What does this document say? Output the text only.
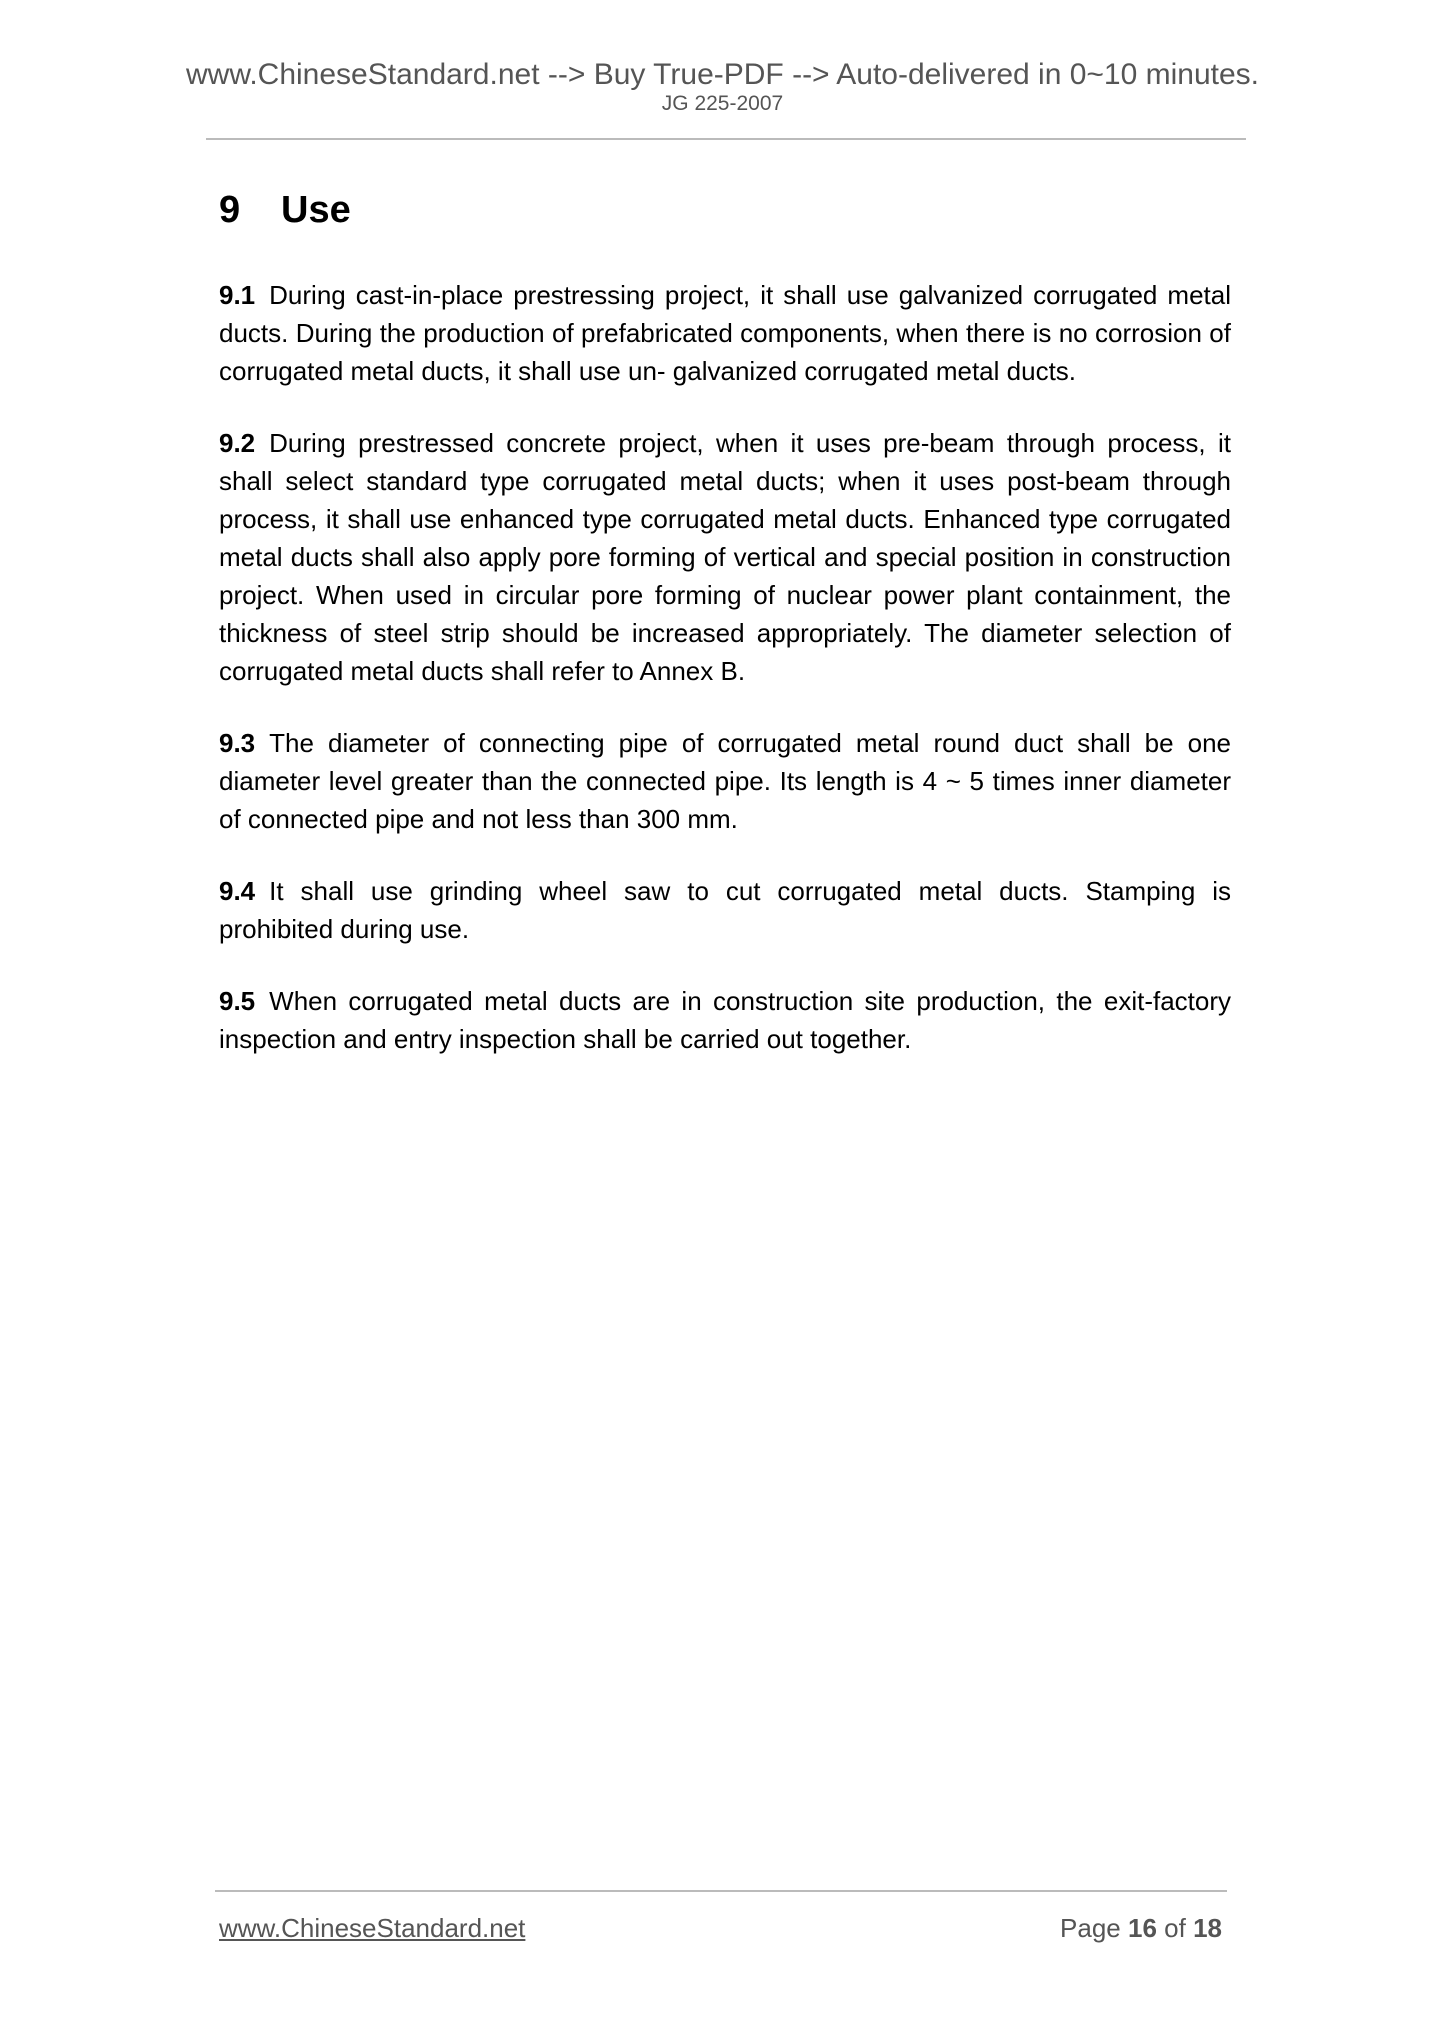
www.ChineseStandard.net --> Buy True-PDF --> Auto-delivered in 0~10 minutes.
JG 225-2007
9 Use

9.1 During cast-in-place prestressing project, it shall use galvanized corrugated metal ducts. During the production of prefabricated components, when there is no corrosion of corrugated metal ducts, it shall use un- galvanized corrugated metal ducts.

9.2 During prestressed concrete project, when it uses pre-beam through process, it shall select standard type corrugated metal ducts; when it uses post-beam through process, it shall use enhanced type corrugated metal ducts. Enhanced type corrugated metal ducts shall also apply pore forming of vertical and special position in construction project. When used in circular pore forming of nuclear power plant containment, the thickness of steel strip should be increased appropriately. The diameter selection of corrugated metal ducts shall refer to Annex B.

9.3 The diameter of connecting pipe of corrugated metal round duct shall be one diameter level greater than the connected pipe. Its length is 4 ~ 5 times inner diameter of connected pipe and not less than 300 mm.

9.4 It shall use grinding wheel saw to cut corrugated metal ducts. Stamping is prohibited during use.

9.5 When corrugated metal ducts are in construction site production, the exit-factory inspection and entry inspection shall be carried out together.

www.ChineseStandard.net	Page 16 of 18
